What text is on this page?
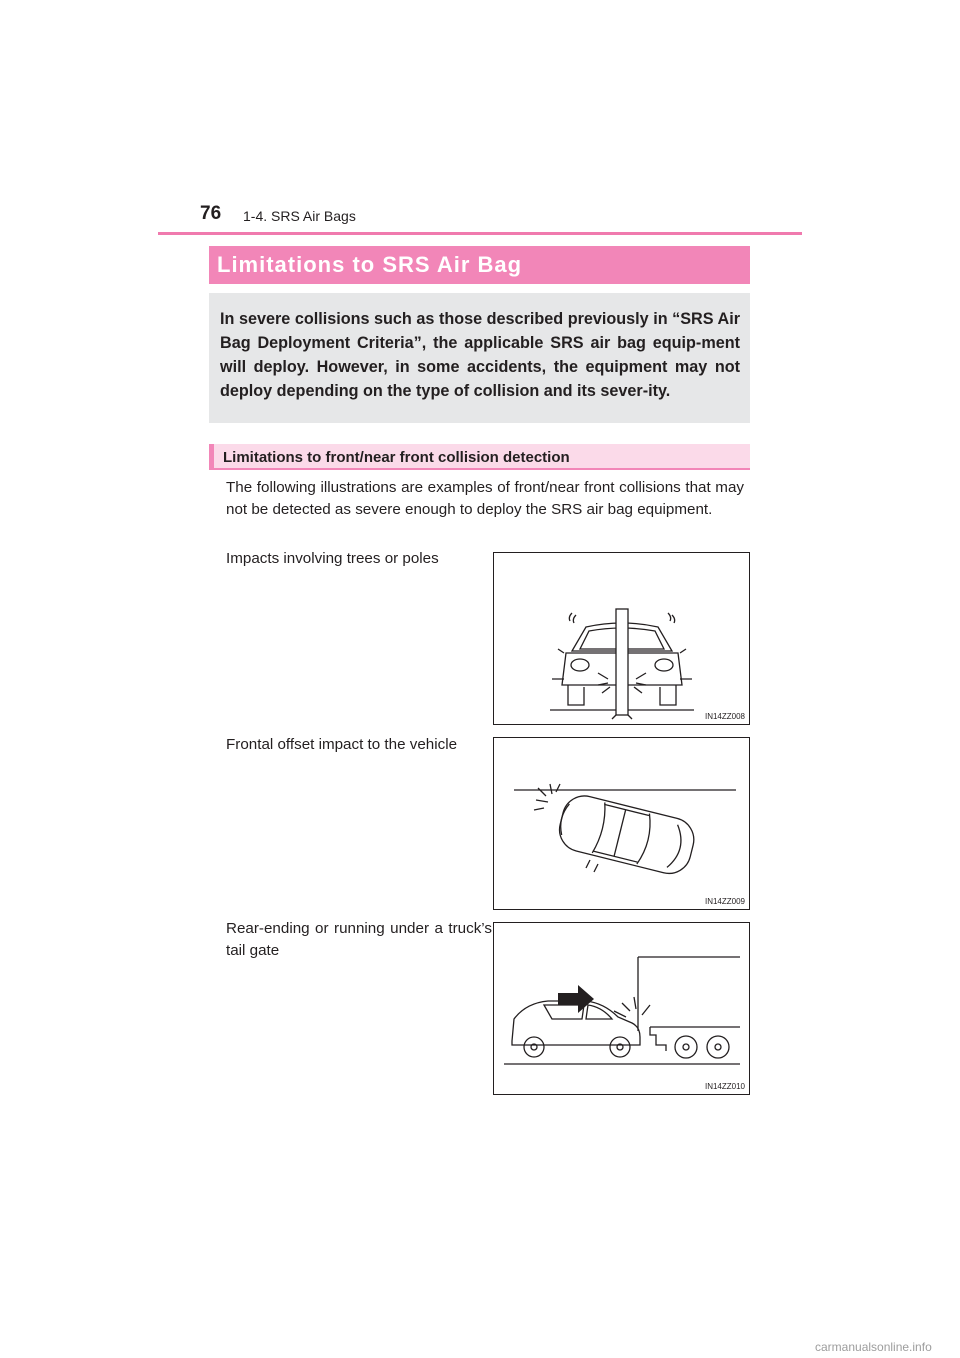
76 1-4. SRS Air Bags
Limitations to SRS Air Bag
In severe collisions such as those described previously in “SRS Air Bag Deployment Criteria”, the applicable SRS air bag equip-ment will deploy. However, in some accidents, the equipment may not deploy depending on the type of collision and its sever-ity.
Limitations to front/near front collision detection
The following illustrations are examples of front/near front collisions that may not be detected as severe enough to deploy the SRS air bag equipment.
Impacts involving trees or poles
IN14ZZ008
Frontal offset impact to the vehicle
IN14ZZ009
Rear-ending or running under a truck’s tail gate
IN14ZZ010
carmanualsonline.info
